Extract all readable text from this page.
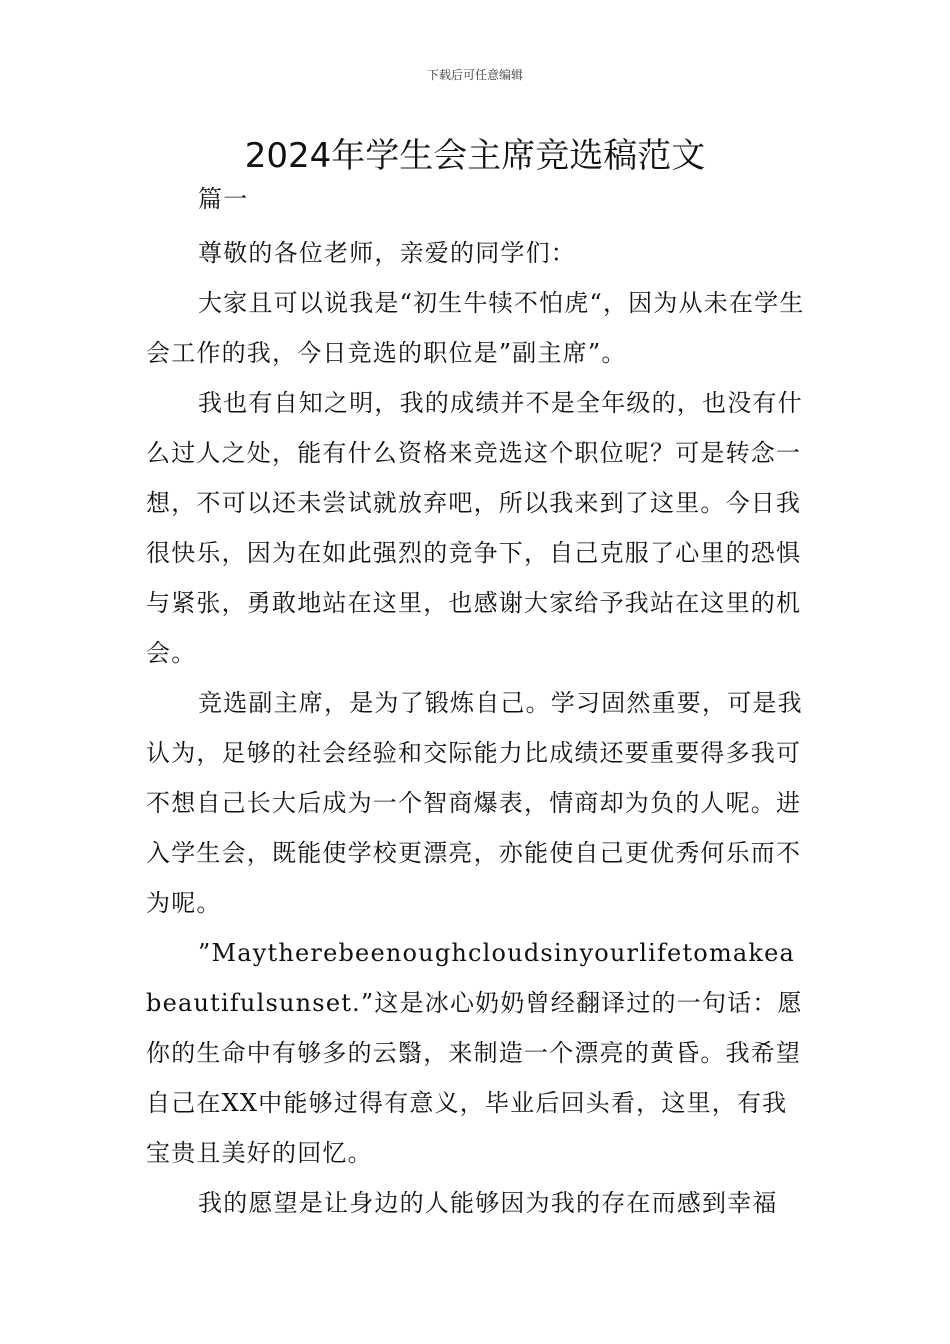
下载后可任意编辑
2024年学生会主席竞选稿范文

篇一

尊敬的各位老师，亲爱的同学们：

大家且可以说我是“初生牛犊不怕虎“，因为从未在学生会工作的我，今日竞选的职位是”副主席”。

我也有自知之明，我的成绩并不是全年级的，也没有什么过人之处，能有什么资格来竞选这个职位呢？可是转念一想，不可以还未尝试就放弃吧，所以我来到了这里。今日我很快乐，因为在如此强烈的竞争下，自己克服了心里的恐惧与紧张，勇敢地站在这里，也感谢大家给予我站在这里的机会。

竞选副主席，是为了锻炼自己。学习固然重要，可是我认为，足够的社会经验和交际能力比成绩还要重要得多我可不想自己长大后成为一个智商爆表，情商却为负的人呢。进入学生会，既能使学校更漂亮，亦能使自己更优秀何乐而不为呢。

”Maytherebeenoughcloudsinyourlifetomakeabeautifulsunset.”这是冰心奶奶曾经翻译过的一句话：愿你的生命中有够多的云翳，来制造一个漂亮的黄昏。我希望自己在XX中能够过得有意义，毕业后回头看，这里，有我宝贵且美好的回忆。

我的愿望是让身边的人能够因为我的存在而感到幸福
